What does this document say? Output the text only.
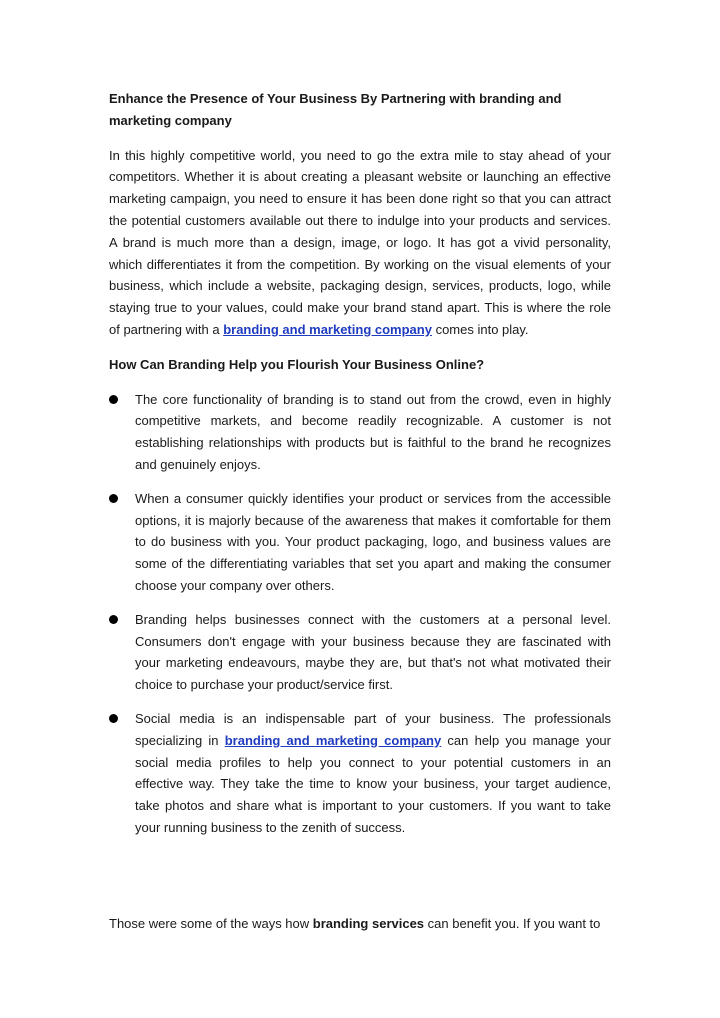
Enhance the Presence of Your Business By Partnering with branding and marketing company

In this highly competitive world, you need to go the extra mile to stay ahead of your competitors. Whether it is about creating a pleasant website or launching an effective marketing campaign, you need to ensure it has been done right so that you can attract the potential customers available out there to indulge into your products and services. A brand is much more than a design, image, or logo. It has got a vivid personality, which differentiates it from the competition. By working on the visual elements of your business, which include a website, packaging design, services, products, logo, while staying true to your values, could make your brand stand apart. This is where the role of partnering with a branding and marketing company comes into play.

How Can Branding Help you Flourish Your Business Online?

The core functionality of branding is to stand out from the crowd, even in highly competitive markets, and become readily recognizable. A customer is not establishing relationships with products but is faithful to the brand he recognizes and genuinely enjoys.
When a consumer quickly identifies your product or services from the accessible options, it is majorly because of the awareness that makes it comfortable for them to do business with you. Your product packaging, logo, and business values are some of the differentiating variables that set you apart and making the consumer choose your company over others.
Branding helps businesses connect with the customers at a personal level. Consumers don't engage with your business because they are fascinated with your marketing endeavours, maybe they are, but that's not what motivated their choice to purchase your product/service first.
Social media is an indispensable part of your business. The professionals specializing in branding and marketing company can help you manage your social media profiles to help you connect to your potential customers in an effective way. They take the time to know your business, your target audience, take photos and share what is important to your customers. If you want to take your running business to the zenith of success.

Those were some of the ways how branding services can benefit you. If you want to
